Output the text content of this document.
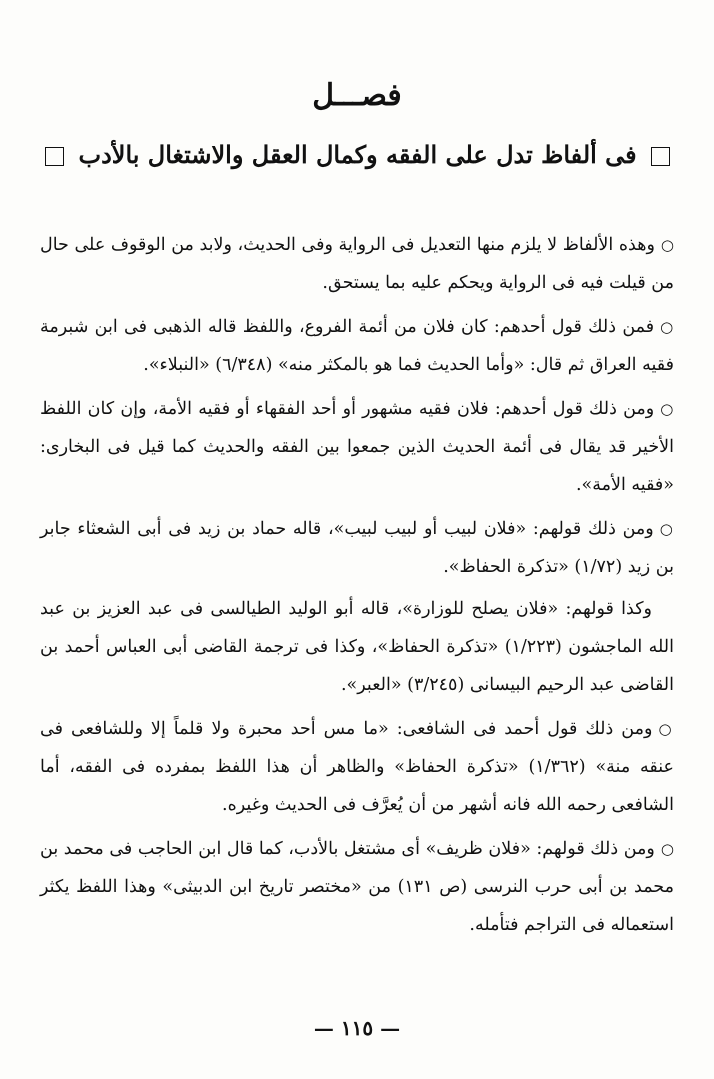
فصـــل
فى ألفاظ تدل على الفقه وكمال العقل والاشتغال بالأدب

○وهذه الألفاظ لا يلزم منها التعديل فى الرواية وفى الحديث، ولابد من الوقوف على حال من قيلت فيه فى الرواية ويحكم عليه بما يستحق.

○فمن ذلك قول أحدهم: كان فلان من أئمة الفروع، واللفظ قاله الذهبى فى ابن شبرمة فقيه العراق ثم قال: «وأما الحديث فما هو بالمكثر منه» (٦/٣٤٨) «النبلاء».

○ومن ذلك قول أحدهم: فلان فقيه مشهور أو أحد الفقهاء أو فقيه الأمة، وإن كان اللفظ الأخير قد يقال فى أئمة الحديث الذين جمعوا بين الفقه والحديث كما قيل فى البخارى: «فقيه الأمة».

○ومن ذلك قولهم: «فلان لبيب أو لبيب لبيب»، قاله حماد بن زيد فى أبى الشعثاء جابر بن زيد (١/٧٢) «تذكرة الحفاظ».

وكذا قولهم: «فلان يصلح للوزارة»، قاله أبو الوليد الطيالسى فى عبد العزيز بن عبد الله الماجشون (١/٢٢٣) «تذكرة الحفاظ»، وكذا فى ترجمة القاضى أبى العباس أحمد بن القاضى عبد الرحيم البيسانى (٣/٢٤٥) «العبر».

○ومن ذلك قول أحمد فى الشافعى: «ما مس أحد محبرة ولا قلماً إلا وللشافعى فى عنقه منة» (١/٣٦٢) «تذكرة الحفاظ» والظاهر أن هذا اللفظ بمفرده فى الفقه، أما الشافعى رحمه الله فانه أشهر من أن يُعرَّف فى الحديث وغيره.

○ومن ذلك قولهم: «فلان ظريف» أى مشتغل بالأدب، كما قال ابن الحاجب فى محمد بن محمد بن أبى حرب النرسى (ص ١٣١) من «مختصر تاريخ ابن الدبيثى» وهذا اللفظ يكثر استعماله فى التراجم فتأمله.

— ١١٥ —
